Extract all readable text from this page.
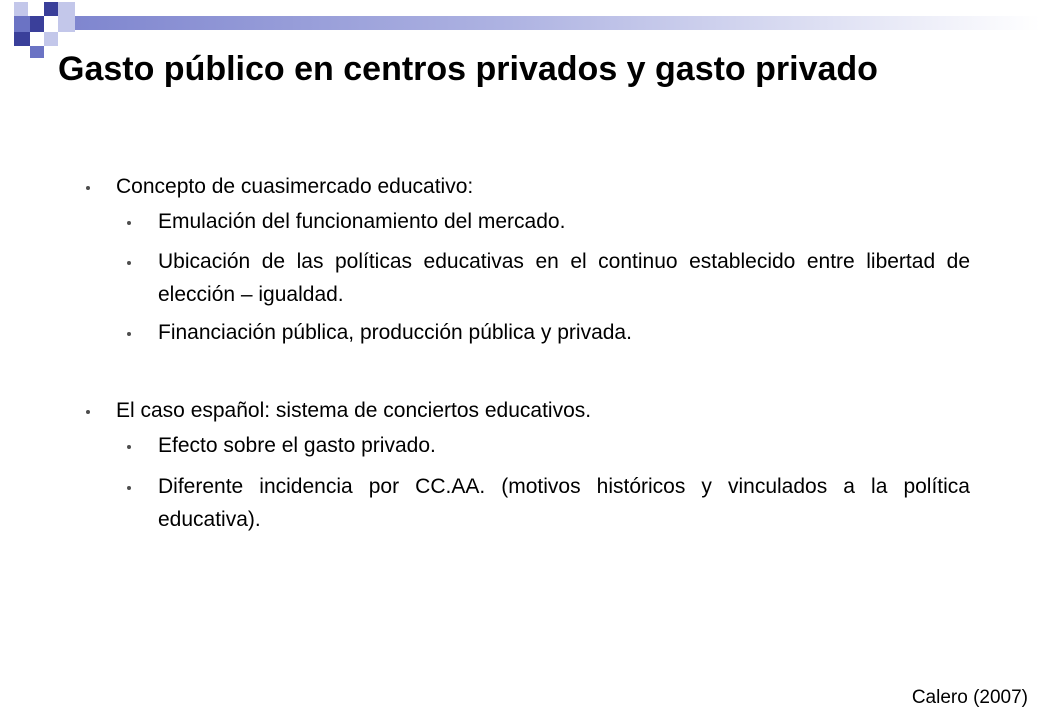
Gasto público en centros privados y gasto privado
Concepto de cuasimercado educativo:
Emulación del funcionamiento del mercado.
Ubicación de las políticas educativas en el continuo establecido entre libertad de elección – igualdad.
Financiación pública, producción pública y privada.
El caso español: sistema de conciertos educativos.
Efecto sobre el gasto privado.
Diferente incidencia por CC.AA. (motivos históricos y vinculados a la política educativa).
Calero (2007)
